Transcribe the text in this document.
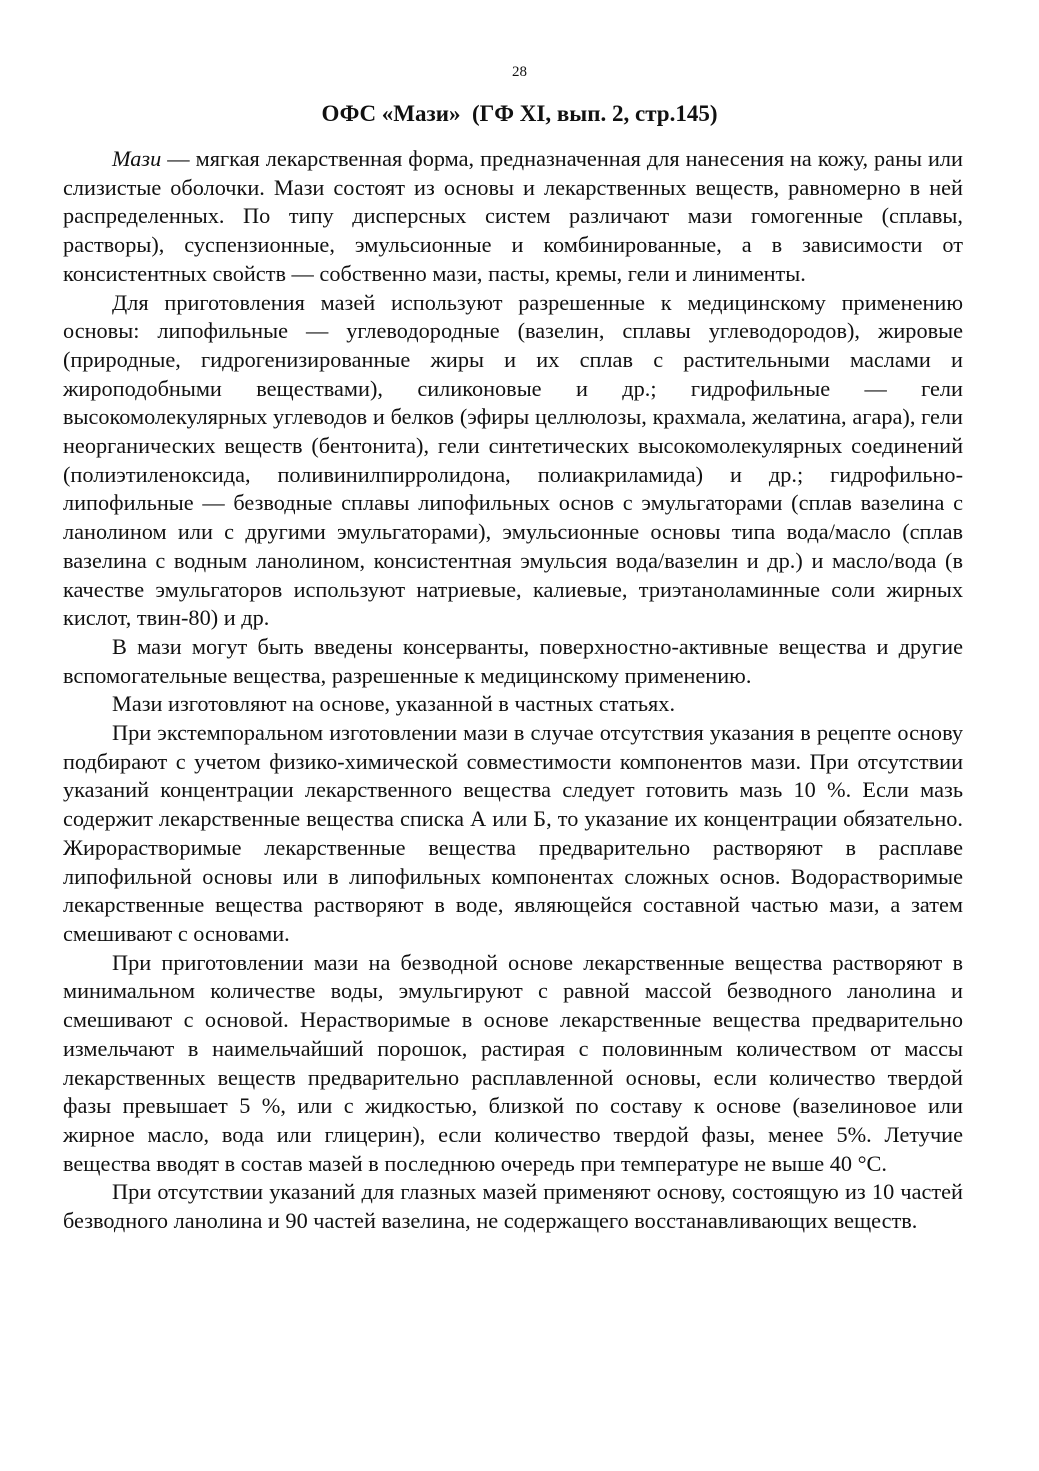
28
ОФС «Мази»  (ГФ XI, вып. 2, стр.145)

Мази — мягкая лекарственная форма, предназначенная для нанесения на кожу, раны или слизистые оболочки. Мази состоят из основы и лекарственных веществ, равномерно в ней распределенных. По типу дисперсных систем различают мази гомогенные (сплавы, растворы), суспензионные, эмульсионные и комбинированные, а в зависимости от консистентных свойств — собственно мази, пасты, кремы, гели и линименты.

Для приготовления мазей используют разрешенные к медицинскому применению основы: липофильные — углеводородные (вазелин, сплавы углеводородов), жировые (природные, гидрогенизированные жиры и их сплав с растительными маслами и жироподобными веществами), силиконовые и др.; гидрофильные — гели высокомолекулярных углеводов и белков (эфиры целлюлозы, крахмала, желатина, агара), гели неорганических веществ (бентонита), гели синтетических высокомолекулярных соединений (полиэтиленоксида, поливинилпирролидона, полиакриламида) и др.; гидрофильно-липофильные — безводные сплавы липофильных основ с эмульгаторами (сплав вазелина с ланолином или с другими эмульгаторами), эмульсионные основы типа вода/масло (сплав вазелина с водным ланолином, консистентная эмульсия вода/вазелин и др.) и масло/вода (в качестве эмульгаторов используют натриевые, калиевые, триэтаноламинные соли жирных кислот, твин-80) и др.

В мази могут быть введены консерванты, поверхностно-активные вещества и другие вспомогательные вещества, разрешенные к медицинскому применению.

Мази изготовляют на основе, указанной в частных статьях.

При экстемпоральном изготовлении мази в случае отсутствия указания в рецепте основу подбирают с учетом физико-химической совместимости компонентов мази. При отсутствии указаний концентрации лекарственного вещества следует готовить мазь 10 %. Если мазь содержит лекарственные вещества списка А или Б, то указание их концентрации обязательно. Жирорастворимые лекарственные вещества предварительно растворяют в расплаве липофильной основы или в липофильных компонентах сложных основ. Водорастворимые лекарственные вещества растворяют в воде, являющейся составной частью мази, а затем смешивают с основами.

При приготовлении мази на безводной основе лекарственные вещества растворяют в минимальном количестве воды, эмульгируют с равной массой безводного ланолина и смешивают с основой. Нерастворимые в основе лекарственные вещества предварительно измельчают в наимельчайший порошок, растирая с половинным количеством от массы лекарственных веществ предварительно расплавленной основы, если количество твердой фазы превышает 5 %, или с жидкостью, близкой по составу к основе (вазелиновое или жирное масло, вода или глицерин), если количество твердой фазы, менее 5%. Летучие вещества вводят в состав мазей в последнюю очередь при температуре не выше 40 °С.

При отсутствии указаний для глазных мазей применяют основу, состоящую из 10 частей безводного ланолина и 90 частей вазелина, не содержащего восстанавливающих веществ.
